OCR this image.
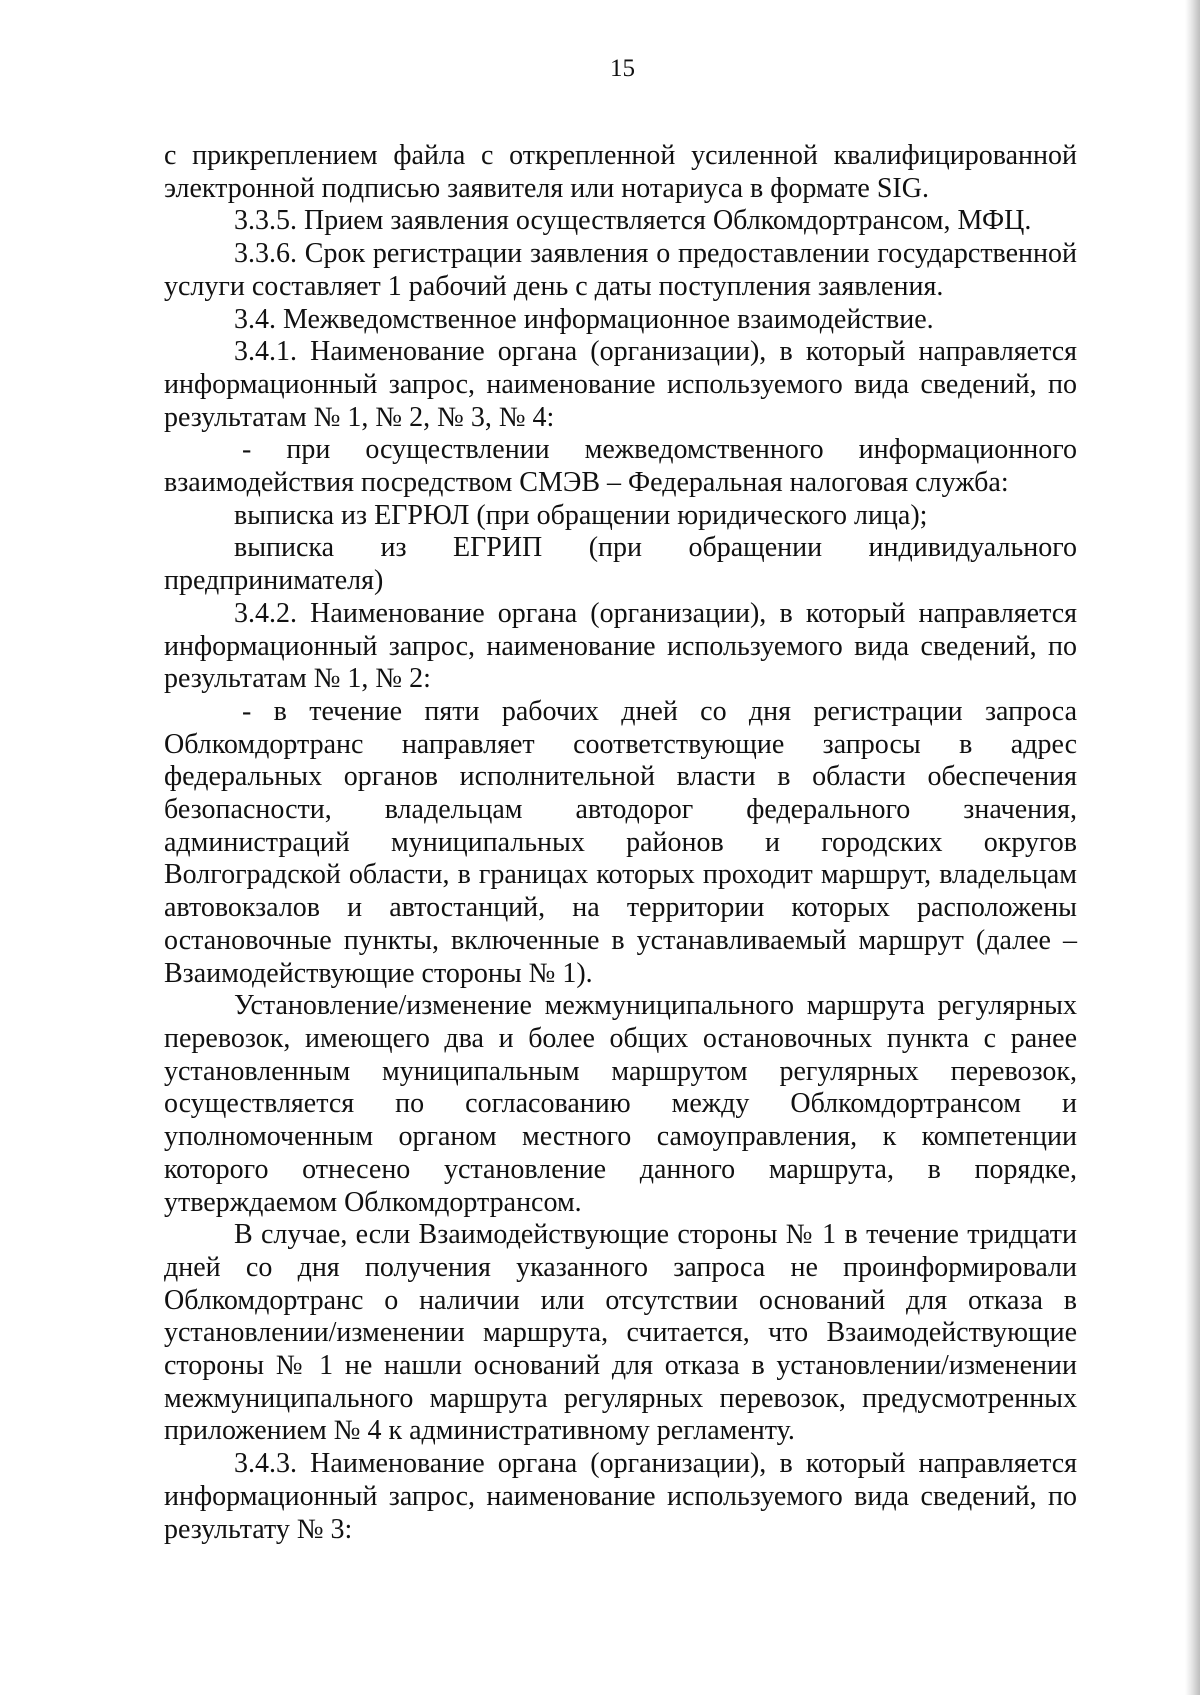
15

с прикреплением файла с открепленной усиленной квалифицированной электронной подписью заявителя или нотариуса в формате SIG.

3.3.5. Прием заявления осуществляется Облкомдортрансом, МФЦ.

3.3.6. Срок регистрации заявления о предоставлении государственной услуги составляет 1 рабочий день с даты поступления заявления.

3.4. Межведомственное информационное взаимодействие.

3.4.1. Наименование органа (организации), в который направляется информационный запрос, наименование используемого вида сведений, по результатам № 1, № 2, № 3, № 4:

- при осуществлении межведомственного информационного взаимодействия посредством СМЭВ – Федеральная налоговая служба:

выписка из ЕГРЮЛ (при обращении юридического лица);

выписка из ЕГРИП (при обращении индивидуального предпринимателя)

3.4.2. Наименование органа (организации), в который направляется информационный запрос, наименование используемого вида сведений, по результатам № 1, № 2:

- в течение пяти рабочих дней со дня регистрации запроса Облкомдортранс направляет соответствующие запросы в адрес федеральных органов исполнительной власти в области обеспечения безопасности, владельцам автодорог федерального значения, администраций муниципальных районов и городских округов Волгоградской области, в границах которых проходит маршрут, владельцам автовокзалов и автостанций, на территории которых расположены остановочные пункты, включенные в устанавливаемый маршрут (далее – Взаимодействующие стороны № 1).

Установление/изменение межмуниципального маршрута регулярных перевозок, имеющего два и более общих остановочных пункта с ранее установленным муниципальным маршрутом регулярных перевозок, осуществляется по согласованию между Облкомдортрансом и уполномоченным органом местного самоуправления, к компетенции которого отнесено установление данного маршрута, в порядке, утверждаемом Облкомдортрансом.

В случае, если Взаимодействующие стороны № 1 в течение тридцати дней со дня получения указанного запроса не проинформировали Облкомдортранс о наличии или отсутствии оснований для отказа в установлении/изменении маршрута, считается, что Взаимодействующие стороны № 1 не нашли оснований для отказа в установлении/изменении межмуниципального маршрута регулярных перевозок, предусмотренных приложением № 4 к административному регламенту.

3.4.3. Наименование органа (организации), в который направляется информационный запрос, наименование используемого вида сведений, по результату № 3:
